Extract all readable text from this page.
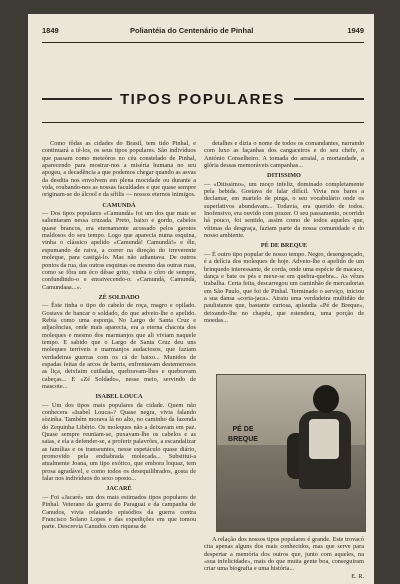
1849	Poliantéia do Centenário de Pinhal	1949
TIPOS POPULARES

Como tôdas as cidades do Brasil, tem tido Pinhal, e continuará a tê-los, os seus tipos populares. São indivíduos que passam como meteóros no céu constelado de Pinhal, aparecendo para mostrar-nos a miséria humana no seu apogeu, a decadência a que podemos chegar quando as asvas da desdita nos envolvem em plena mocidade ou durante a vida, roubando-nos as nossas faculdades e que quase sempre originam-se do álcool e da sífilis — nossos eternos inimigos.

CAMUNDÁ
— Dos tipos populares «Camundá» foi um dos que mais se salientaram nessa cruzada. Preto, baixo e gordo, cabelos quase brancos, era eternamente acossado pelos garotos maldosos do seu tempo. Logo que aparecia numa esquina, vinha o clássico apelido «Camundá! Camundá!» e êle, espumando de raiva, a correr na direção do irreverente moleque, para castigá-lo. Mas não adiantava. De outros pontos da rua, das outras esquinas ou mesmo das outras ruas, como se fôra um éco dêsse grito, vinha o côro de sempre, confundindo-o e enraivecendo-o: «Camundá, Camundá, Camundaaa...».

ZÉ SOLDADO
— Êste tinha o tipo do cabelo de roça, magro e opilado. Gostava de bancar o soldado, do que adveio-lhe o apelido. Rebia como uma esponja. No Largo de Santa Cruz e adjacências, onde mais aparecia, era a eterna chacota dos moleques e mesmo dos marmanjos que ali viviam naquele tempo. E sabido que o Largo de Santa Cruz deu uns moleques terríveis e marmanjos audaciosos, que faziam verdadeiras guerras com os cá de baixo... Munidos de espadas feitas de arcos de barris, enfrentavam destemerosos as liça, deixfaim cutiladas, quebravam-lhes e quebravam cabeças... E «Zé Soldado», nesse meio, servindo de mascote...

ISABEL LOUCA
— Um dos tipos mais populares da cidade. Quem não conhecera «Isabel Louca»? Quase negra, vivia falando sòzinha. Também morava lá no alto, no caminho da fazenda do Zequinha Libério. Os moleques não a deixavam em paz. Quase sempre reuniam-se, puxavam-lhe os cabelos e as saias, e ela a defender-se, a proferir palavrões, a escandalizar as famílias e os transeuntes, nesse espetáculo quase diário, promovido pela endiabrada molecada... Substitui-a atualmente Joana, um tipo exótico, que embora loquaz, tem prosa agradável, e como todos os desequilibrados, gosta de falar nos indivíduos do sexo oposto...

JACARÉ
— Foi «Jacaré» um dos mais estimados tipos populares de Pinhal. Veterano da guerra do Paraguai e da campanha de Canudos, vivia relatando episódios da guerra contra Francisco Solano Lopes e das expedições em que tomou parte. Descrevia Canudos com riquesa de

detalhes e dizia o nome de todos os comandantes, narrando com luxo as façanhas dos cangaceiros e do seu chefe, o António Conselheiro. A tomada do arraial, a mortandade, a glória dessas memoráveis campanhas...

DITISSIMO
— «Ditissimo», um moço infeliz, dominado completamente pela bebida. Gostava de falar difícil. Vivia nos bares a declamar, em martelo de pinga, o seu vocabulário onde os superlativos abundavam... Todavia, era querido de todos. Inofensivo, era ouvido com prazer. O seu passamento, ocorrido há pouco, foi sentido, assim como de todos aqueles que, vítimas da desgraça, faziam parte da nossa comunidade e do nosso ambiente.

PÉ DE BREQUE
— É outro tipo popular de nosso tempo. Negro, desengonçado, é a delícia dos moleques de hoje. Adveio-lhe o apelido de um brinquedo interessante, de corda, onde uma espécie de macaco, dança e bate os pés e mexe-se em quebra-quebra... As vêzes trabalha. Certa feita, descarregou um caminhão de mercadorias em São Paulo, que foi de Pinhal. Terminado o serviço, iniciou a sua dansa «corta-jaca». Atraiu uma verdadeira multidão de paulistanos que, bastante curiosa, aplaudia «Pé de Breque», deixando-lhe no chapéu, que estendera, uma porção de moedas...

PÉ DE BREQUE

A relação dos nossos tipos populares é grande. Este trovacó cita apenas alguns dos mais conhecidos, mas que serve para despertar a memória dos outros que, junto com aqueles, na «sua infelicidade», mais do que muita gente boa, conseguiram criar uma biografia e uma história...

E. R.
